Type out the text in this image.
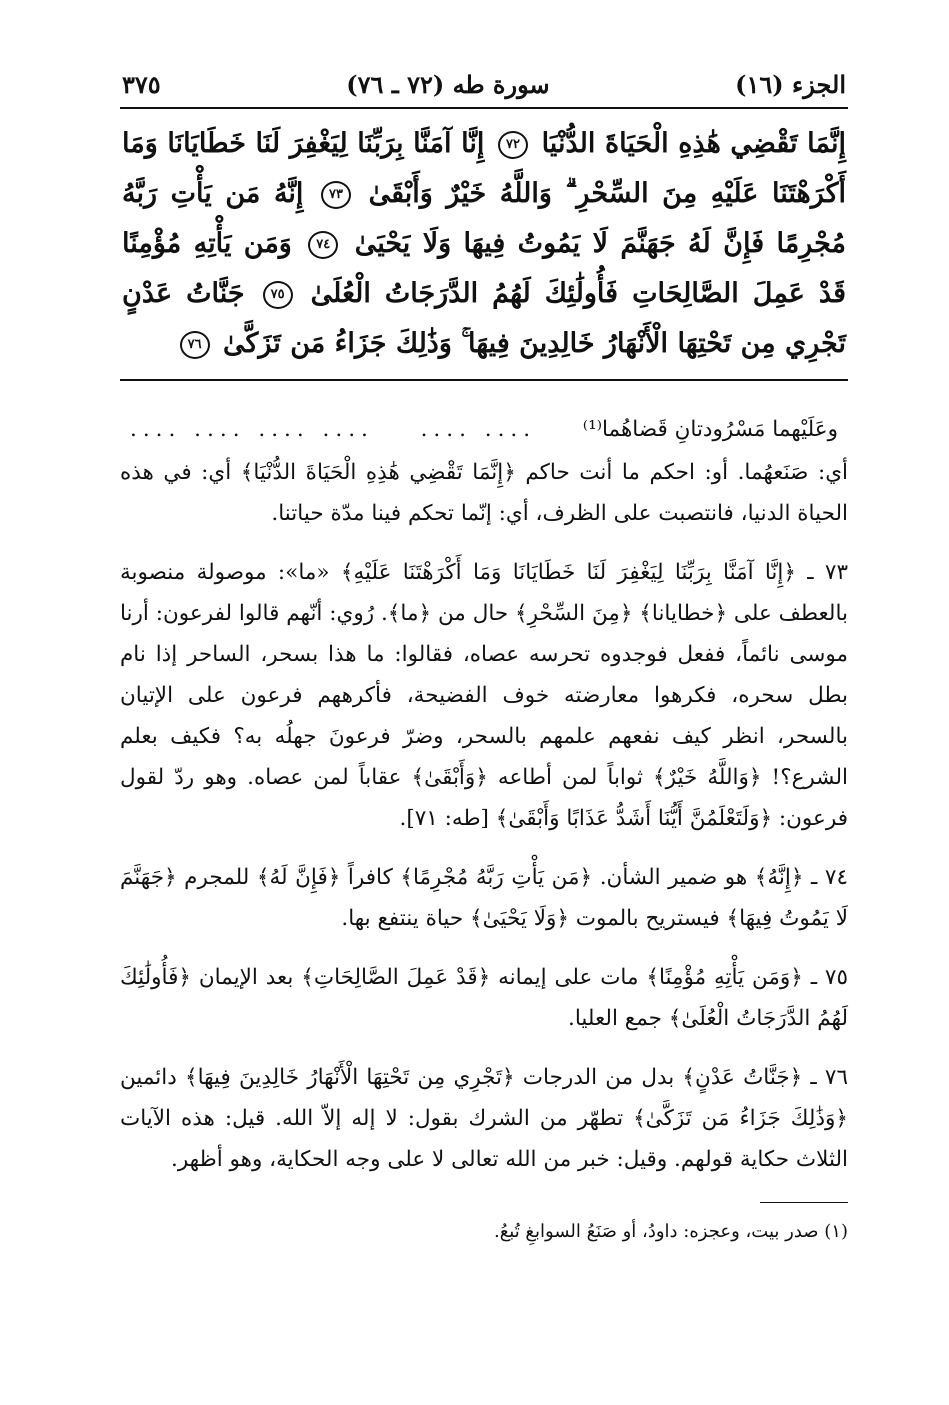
الجزء (١٦)
سورة طه (٧٢ ـ ٧٦)
٣٧٥
إِنَّمَا تَقْضِي هَٰذِهِ الْحَيَاةَ الدُّنْيَا ٧٢ إِنَّا آمَنَّا بِرَبِّنَا لِيَغْفِرَ لَنَا خَطَايَانَا وَمَا أَكْرَهْتَنَا عَلَيْهِ مِنَ السِّحْرِ ۗ وَاللَّهُ خَيْرٌ وَأَبْقَىٰ ٧٣ إِنَّهُ مَن يَأْتِ رَبَّهُ مُجْرِمًا فَإِنَّ لَهُ جَهَنَّمَ لَا يَمُوتُ فِيهَا وَلَا يَحْيَىٰ ٧٤ وَمَن يَأْتِهِ مُؤْمِنًا قَدْ عَمِلَ الصَّالِحَاتِ فَأُولَٰئِكَ لَهُمُ الدَّرَجَاتُ الْعُلَىٰ ٧٥ جَنَّاتُ عَدْنٍ تَجْرِي مِن تَحْتِهَا الْأَنْهَارُ خَالِدِينَ فِيهَا ۚ وَذَٰلِكَ جَزَاءُ مَن تَزَكَّىٰ ٧٦
وعَلَيْهما مَسْرُودتانِ قَضاهُما⁽¹⁾
.... ....
.... .... .... ....

أي: صَنَعهُما. أو: احكم ما أنت حاكم ﴿إِنَّمَا تَقْضِي هَٰذِهِ الْحَيَاةَ الدُّنْيَا﴾ أي: في هذه الحياة الدنيا، فانتصبت على الظرف، أي: إنّما تحكم فينا مدّة حياتنا.

٧٣ ـ ﴿إِنَّا آمَنَّا بِرَبِّنَا لِيَغْفِرَ لَنَا خَطَايَانَا وَمَا أَكْرَهْتَنَا عَلَيْهِ﴾ «ما»: موصولة منصوبة بالعطف على ﴿خطايانا﴾ ﴿مِنَ السِّحْرِ﴾ حال من ﴿ما﴾. رُوي: أنّهم قالوا لفرعون: أرنا موسى نائماً، ففعل فوجدوه تحرسه عصاه، فقالوا: ما هذا بسحر، الساحر إذا نام بطل سحره، فكرهوا معارضته خوف الفضيحة، فأكرههم فرعون على الإتيان بالسحر، انظر كيف نفعهم علمهم بالسحر، وضرّ فرعونَ جهلُه به؟ فكيف بعلم الشرع؟! ﴿وَاللَّهُ خَيْرٌ﴾ ثواباً لمن أطاعه ﴿وَأَبْقَىٰ﴾ عقاباً لمن عصاه. وهو ردّ لقول فرعون: ﴿وَلَتَعْلَمُنَّ أَيُّنَا أَشَدُّ عَذَابًا وَأَبْقَىٰ﴾ [طه: ٧١].

٧٤ ـ ﴿إِنَّهُ﴾ هو ضمير الشأن. ﴿مَن يَأْتِ رَبَّهُ مُجْرِمًا﴾ كافراً ﴿فَإِنَّ لَهُ﴾ للمجرم ﴿جَهَنَّمَ لَا يَمُوتُ فِيهَا﴾ فيستريح بالموت ﴿وَلَا يَحْيَىٰ﴾ حياة ينتفع بها.

٧٥ ـ ﴿وَمَن يَأْتِهِ مُؤْمِنًا﴾ مات على إيمانه ﴿قَدْ عَمِلَ الصَّالِحَاتِ﴾ بعد الإيمان ﴿فَأُولَٰئِكَ لَهُمُ الدَّرَجَاتُ الْعُلَىٰ﴾ جمع العليا.

٧٦ ـ ﴿جَنَّاتُ عَدْنٍ﴾ بدل من الدرجات ﴿تَجْرِي مِن تَحْتِهَا الْأَنْهَارُ خَالِدِينَ فِيهَا﴾ دائمين ﴿وَذَٰلِكَ جَزَاءُ مَن تَزَكَّىٰ﴾ تطهّر من الشرك بقول: لا إله إلاّ الله. قيل: هذه الآيات الثلاث حكاية قولهم. وقيل: خبر من الله تعالى لا على وجه الحكاية، وهو أظهر.

(١) صدر بيت، وعجزه: داودُ، أو صَنَعُ السوابغِ تُبعُ.
